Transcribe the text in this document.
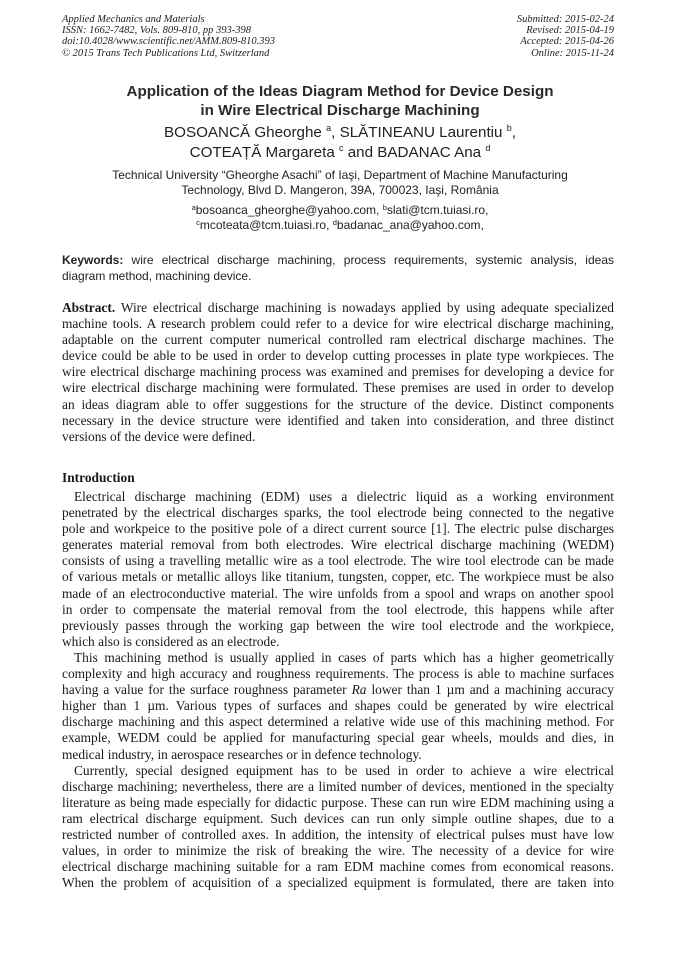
Applied Mechanics and Materials
ISSN: 1662-7482, Vols. 809-810, pp 393-398
doi:10.4028/www.scientific.net/AMM.809-810.393
© 2015 Trans Tech Publications Ltd, Switzerland
Submitted: 2015-02-24
Revised: 2015-04-19
Accepted: 2015-04-26
Online: 2015-11-24
Application of the Ideas Diagram Method for Device Design
in Wire Electrical Discharge Machining
BOSOANCĂ Gheorghe $^a$, SLĂTINEANU Laurentiu $^b$,
COTEAȚĂ Margareta $^c$ and BADANAC Ana $^d$
Technical University “Gheorghe Asachi” of Iaşi, Department of Machine Manufacturing
Technology, Blvd D. Mangeron, 39A, 700023, Iaşi, România
$^a$bosoanca_gheorghe@yahoo.com, $^b$slati@tcm.tuiasi.ro,
$^c$mcoteata@tcm.tuiasi.ro, $^d$badanac_ana@yahoo.com,
Keywords: wire electrical discharge machining, process requirements, systemic analysis, ideas diagram method, machining device.
Abstract. Wire electrical discharge machining is nowadays applied by using adequate specialized
machine tools. A research problem could refer to a device for wire electrical discharge machining,
adaptable on the current computer numerical controlled ram electrical discharge machines. The
device could be able to be used in order to develop cutting processes in plate type workpieces. The
wire electrical discharge machining process was examined and premises for developing a device for
wire electrical discharge machining were formulated. These premises are used in order to develop
an ideas diagram able to offer suggestions for the structure of the device. Distinct components
necessary in the device structure were identified and taken into consideration, and three distinct
versions of the device were defined.
Introduction
Electrical discharge machining (EDM) uses a dielectric liquid as a working environment
penetrated by the electrical discharges sparks, the tool electrode being connected to the negative
pole and workpeice to the positive pole of a direct current source [1]. The electric pulse discharges
generates material removal from both electrodes. Wire electrical discharge machining (WEDM)
consists of using a travelling metallic wire as a tool electrode. The wire tool electrode can be made
of various metals or metallic alloys like titanium, tungsten, copper, etc. The workpiece must be also
made of an electroconductive material. The wire unfolds from a spool and wraps on another spool
in order to compensate the material removal from the tool electrode, this happens while after
previously passes through the working gap between the wire tool electrode and the workpiece,
which also is considered as an electrode.
This machining method is usually applied in cases of parts which has a higher geometrically
complexity and high accuracy and roughness requirements. The process is able to machine surfaces
having a value for the surface roughness parameter Ra lower than 1 µm and a machining accuracy
higher than 1 µm. Various types of surfaces and shapes could be generated by wire electrical
discharge machining and this aspect determined a relative wide use of this machining method. For
example, WEDM could be applied for manufacturing special gear wheels, moulds and dies, in
medical industry, in aerospace researches or in defence technology.
Currently, special designed equipment has to be used in order to achieve a wire electrical
discharge machining; nevertheless, there are a limited number of devices, mentioned in the specialty
literature as being made especially for didactic purpose. These can run wire EDM machining using a
ram electrical discharge equipment. Such devices can run only simple outline shapes, due to a
restricted number of controlled axes. In addition, the intensity of electrical pulses must have low
values, in order to minimize the risk of breaking the wire. The necessity of a device for wire
electrical discharge machining suitable for a ram EDM machine comes from economical reasons.
When the problem of acquisition of a specialized equipment is formulated, there are taken into
